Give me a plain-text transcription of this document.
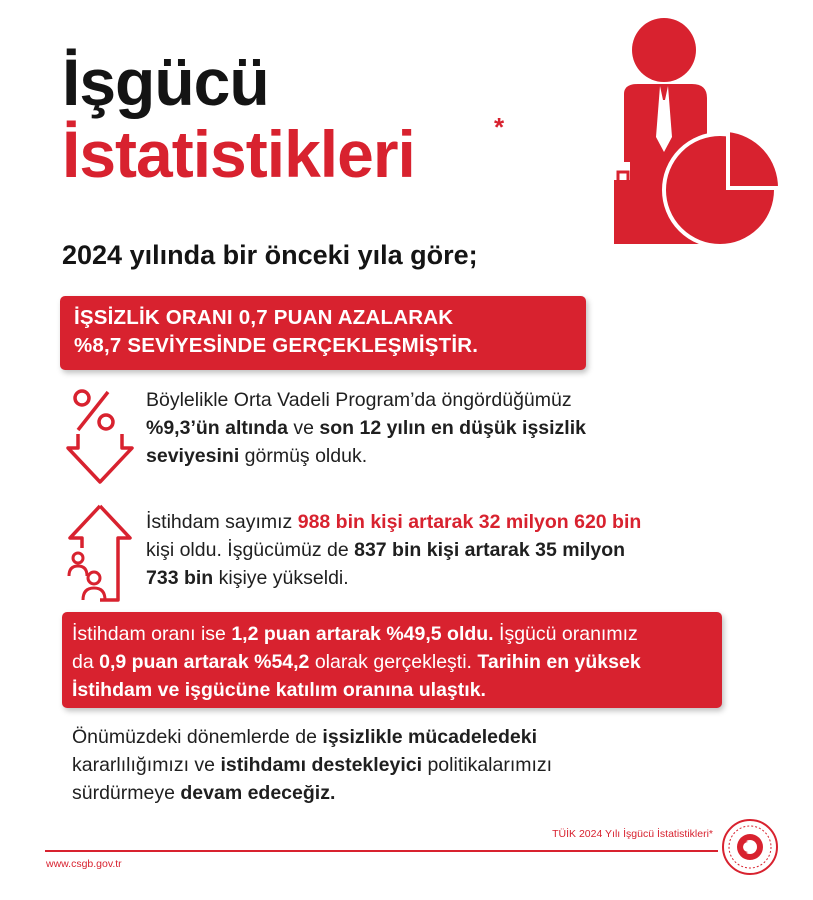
İşgücü
İstatistikleri	*
2024 yılında bir önceki yıla göre;
İŞSİZLİK ORANI 0,7 PUAN AZALARAK
%8,7 SEVİYESİNDE GERÇEKLEŞMİŞTİR.
Böylelikle Orta Vadeli Program’da öngördüğümüz
%9,3’ün altında ve son 12 yılın en düşük işsizlik
seviyesini görmüş olduk.
İstihdam sayımız 988 bin kişi artarak 32 milyon 620 bin
kişi oldu. İşgücümüz de 837 bin kişi artarak 35 milyon
733 bin kişiye yükseldi.
İstihdam oranı ise 1,2 puan artarak %49,5 oldu. İşgücü oranımız
da 0,9 puan artarak %54,2 olarak gerçekleşti. Tarihin en yüksek
İstihdam ve işgücüne katılım oranına ulaştık.
Önümüzdeki dönemlerde de işsizlikle mücadeledeki
kararlılığımızı ve istihdamı destekleyici politikalarımızı
sürdürmeye devam edeceğiz.
TÜİK 2024 Yılı İşgücü İstatistikleri*
www.csgb.gov.tr
